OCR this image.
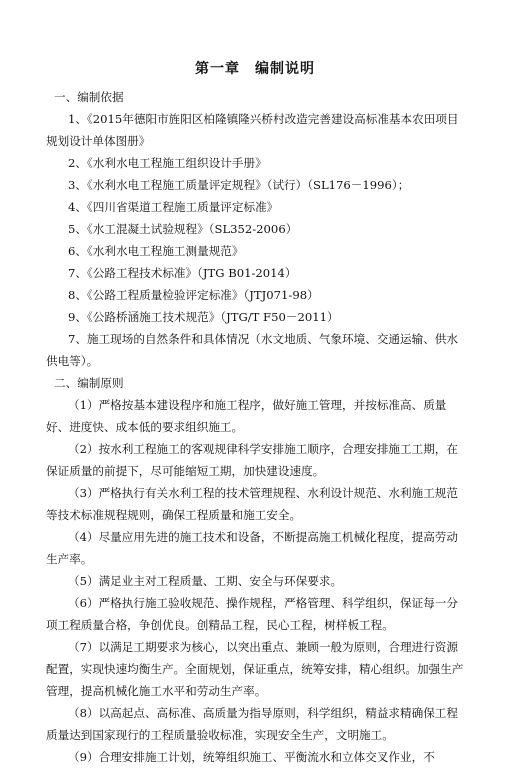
第一章　编制说明
一、编制依据
1、《2015年德阳市旌阳区柏隆镇隆兴桥村改造完善建设高标准基本农田项目规划设计单体图册》
2、《水利水电工程施工组织设计手册》
3、《水利水电工程施工质量评定规程》（试行）（SL176－1996）；
4、《四川省渠道工程施工质量评定标准》
5、《水工混凝土试验规程》（SL352-2006）
6、《水利水电工程施工测量规范》
7、《公路工程技术标准》（JTG B01-2014）
8、《公路工程质量检验评定标准》（JTJ071-98）
9、《公路桥涵施工技术规范》（JTG/T F50－2011）
7、施工现场的自然条件和具体情况（水文地质、气象环境、交通运输、供水供电等）。
二、编制原则
（1）严格按基本建设程序和施工程序，做好施工管理，并按标准高、质量好、进度快、成本低的要求组织施工。
（2）按水利工程施工的客观规律科学安排施工顺序，合理安排施工工期，在保证质量的前提下，尽可能缩短工期，加快建设速度。
（3）严格执行有关水利工程的技术管理规程、水利设计规范、水利施工规范等技术标准规程规则，确保工程质量和施工安全。
（4）尽量应用先进的施工技术和设备，不断提高施工机械化程度，提高劳动生产率。
（5）满足业主对工程质量、工期、安全与环保要求。
（6）严格执行施工验收规范、操作规程，严格管理、科学组织，保证每一分项工程质量合格，争创优良。创精品工程，民心工程，树样板工程。
（7）以满足工期要求为核心，以突出重点、兼顾一般为原则，合理进行资源配置，实现快速均衡生产。全面规划，保证重点，统筹安排，精心组织。加强生产管理，提高机械化施工水平和劳动生产率。
（8）以高起点、高标准、高质量为指导原则，科学组织，精益求精确保工程质量达到国家现行的工程质量验收标准，实现安全生产，文明施工。
（9）合理安排施工计划，统筹组织施工、平衡流水和立体交叉作业，不
